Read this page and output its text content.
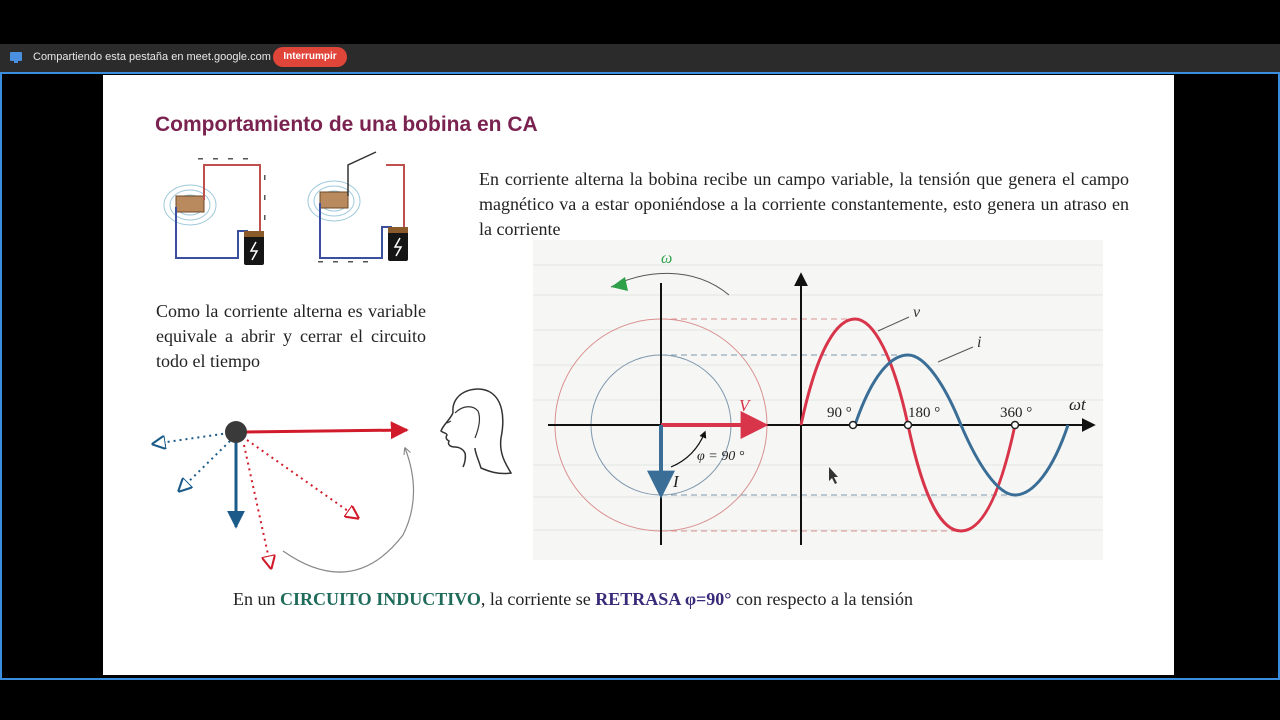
Compartiendo esta pestaña en meet.google.com	Interrumpir
Comportamiento de una bobina en CA

En corriente alterna la bobina recibe un campo variable, la tensión que genera el campo magnético va a estar oponiéndose a la corriente constantemente, esto genera un atraso en la corriente

Como la corriente alterna es variable equivale a abrir y cerrar el circuito todo el tiempo

ω
V
I
φ = 90 °
v
i
90 °	180 °	360 ° ωt

En un CIRCUITO INDUCTIVO, la corriente se RETRASA φ=90° con respecto a la tensión
